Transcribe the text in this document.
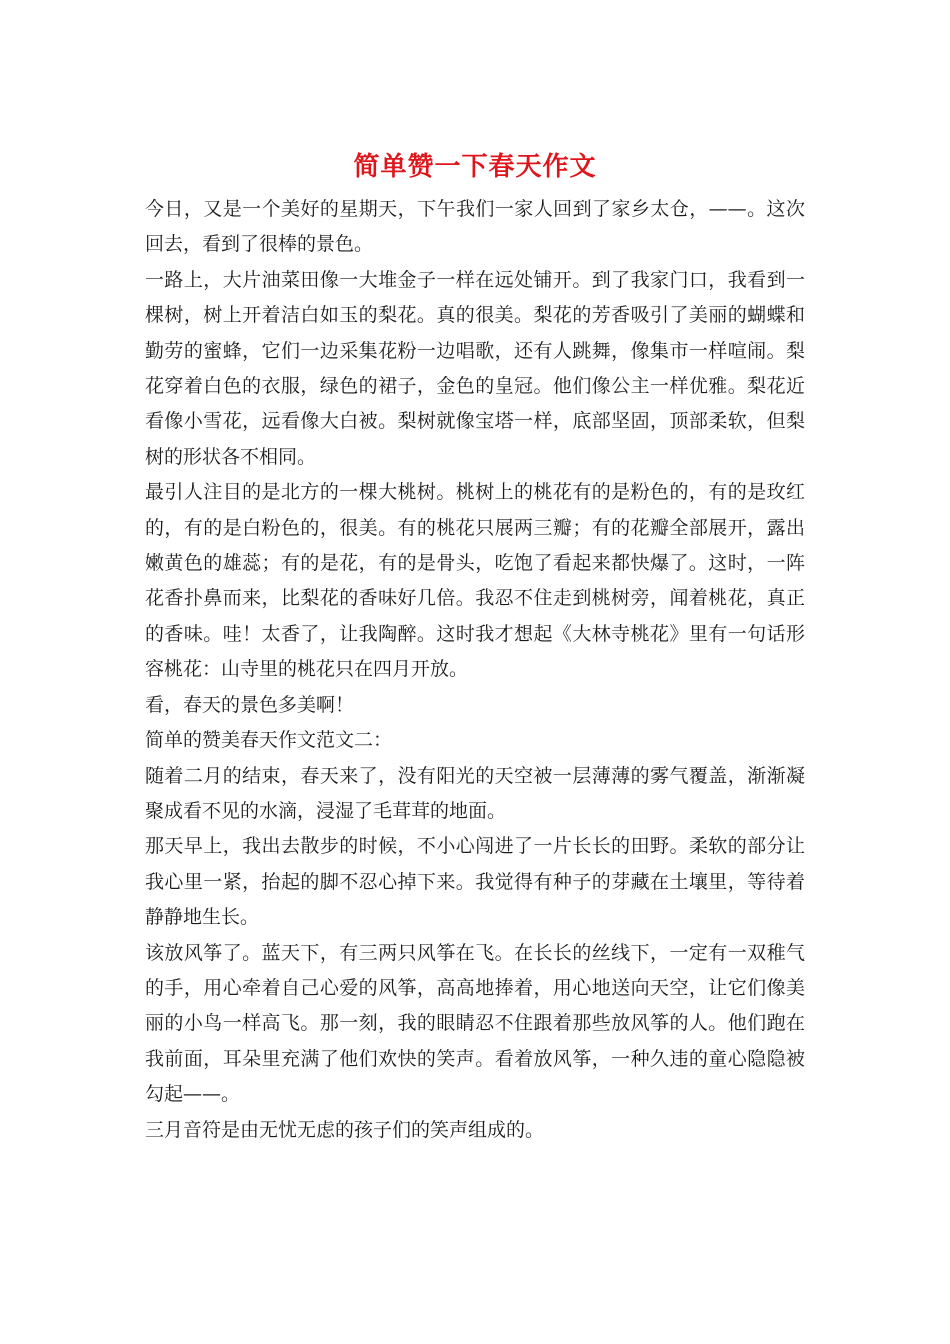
简单赞一下春天作文

今日，又是一个美好的星期天，下午我们一家人回到了家乡太仓，——。这次回去，看到了很棒的景色。

一路上，大片油菜田像一大堆金子一样在远处铺开。到了我家门口，我看到一棵树，树上开着洁白如玉的梨花。真的很美。梨花的芳香吸引了美丽的蝴蝶和勤劳的蜜蜂，它们一边采集花粉一边唱歌，还有人跳舞，像集市一样喧闹。梨花穿着白色的衣服，绿色的裙子，金色的皇冠。他们像公主一样优雅。梨花近看像小雪花，远看像大白被。梨树就像宝塔一样，底部坚固，顶部柔软，但梨树的形状各不相同。

最引人注目的是北方的一棵大桃树。桃树上的桃花有的是粉色的，有的是玫红的，有的是白粉色的，很美。有的桃花只展两三瓣；有的花瓣全部展开，露出嫩黄色的雄蕊；有的是花，有的是骨头，吃饱了看起来都快爆了。这时，一阵花香扑鼻而来，比梨花的香味好几倍。我忍不住走到桃树旁，闻着桃花，真正的香味。哇！太香了，让我陶醉。这时我才想起《大林寺桃花》里有一句话形容桃花：山寺里的桃花只在四月开放。

看，春天的景色多美啊！

简单的赞美春天作文范文二：

随着二月的结束，春天来了，没有阳光的天空被一层薄薄的雾气覆盖，渐渐凝聚成看不见的水滴，浸湿了毛茸茸的地面。

那天早上，我出去散步的时候，不小心闯进了一片长长的田野。柔软的部分让我心里一紧，抬起的脚不忍心掉下来。我觉得有种子的芽藏在土壤里，等待着静静地生长。

该放风筝了。蓝天下，有三两只风筝在飞。在长长的丝线下，一定有一双稚气的手，用心牵着自己心爱的风筝，高高地捧着，用心地送向天空，让它们像美丽的小鸟一样高飞。那一刻，我的眼睛忍不住跟着那些放风筝的人。他们跑在我前面，耳朵里充满了他们欢快的笑声。看着放风筝，一种久违的童心隐隐被勾起——。

三月音符是由无忧无虑的孩子们的笑声组成的。
